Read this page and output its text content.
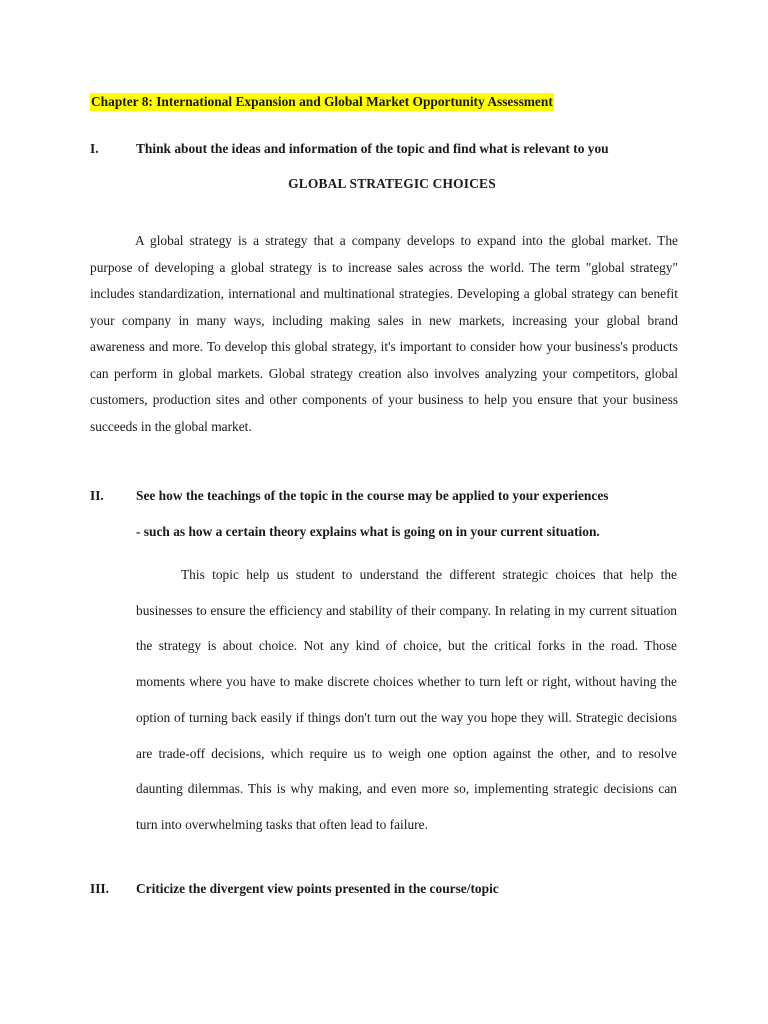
Chapter 8: International Expansion and Global Market Opportunity Assessment
I.	Think about the ideas and information of the topic and find what is relevant to you
GLOBAL STRATEGIC CHOICES

A global strategy is a strategy that a company develops to expand into the global market. The purpose of developing a global strategy is to increase sales across the world. The term "global strategy" includes standardization, international and multinational strategies. Developing a global strategy can benefit your company in many ways, including making sales in new markets, increasing your global brand awareness and more. To develop this global strategy, it's important to consider how your business's products can perform in global markets. Global strategy creation also involves analyzing your competitors, global customers, production sites and other components of your business to help you ensure that your business succeeds in the global market.

II. See how the teachings of the topic in the course may be applied to your experiences
- such as how a certain theory explains what is going on in your current situation.

This topic help us student to understand the different strategic choices that help the businesses to ensure the efficiency and stability of their company. In relating in my current situation the strategy is about choice. Not any kind of choice, but the critical forks in the road. Those moments where you have to make discrete choices whether to turn left or right, without having the option of turning back easily if things don't turn out the way you hope they will. Strategic decisions are trade-off decisions, which require us to weigh one option against the other, and to resolve daunting dilemmas. This is why making, and even more so, implementing strategic decisions can turn into overwhelming tasks that often lead to failure.

III. Criticize the divergent view points presented in the course/topic
